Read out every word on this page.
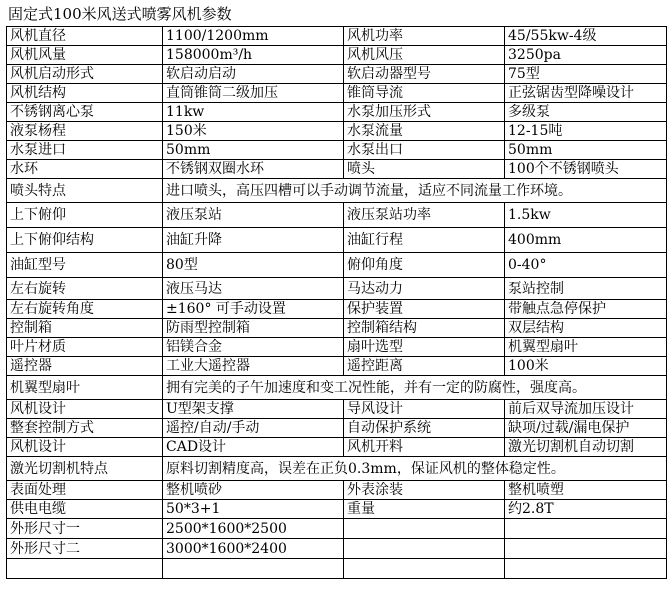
固定式100米风送式喷雾风机参数
风机直径	1100/1200mm	风机功率	45/55kw-4级
风机风量	158000m³/h	风机风压	3250pa
风机启动形式	软启动启动	软启动器型号	75型
风机结构	直筒锥筒二级加压	锥筒导流	正弦锯齿型降噪设计
不锈钢离心泵	11kw	水泵加压形式	多级泵
液泵杨程	150米	水泵流量	12-15吨
水泵进口	50mm	水泵出口	50mm
水环	不锈钢双圈水环	喷头	100个不锈钢喷头
喷头特点	进口喷头，高压四槽可以手动调节流量，适应不同流量工作环境。		
上下俯仰	液压泵站	液压泵站功率	1.5kw
上下俯仰结构	油缸升降	油缸行程	400mm
油缸型号	80型	俯仰角度	0-40°
左右旋转	液压马达	马达动力	泵站控制
左右旋转角度	±160° 可手动设置	保护装置	带触点急停保护
控制箱	防雨型控制箱	控制箱结构	双层结构
叶片材质	铝镁合金	扇叶选型	机翼型扇叶
遥控器	工业大遥控器	遥控距离	100米
机翼型扇叶	拥有完美的子午加速度和变工况性能，并有一定的防腐性，强度高。		
风机设计	U型架支撑	导风设计	前后双导流加压设计
整套控制方式	遥控/自动/手动	自动保护系统	缺项/过载/漏电保护
风机设计	CAD设计	风机开料	激光切割机自动切割
激光切割机特点	原料切割精度高，误差在正负0.3mm，保证风机的整体稳定性。		
表面处理	整机喷砂	外表涂装	整机喷塑
供电电缆	50*3+1	重量	约2.8T
外形尺寸一	2500*1600*2500		
外形尺寸二	3000*1600*2400		
